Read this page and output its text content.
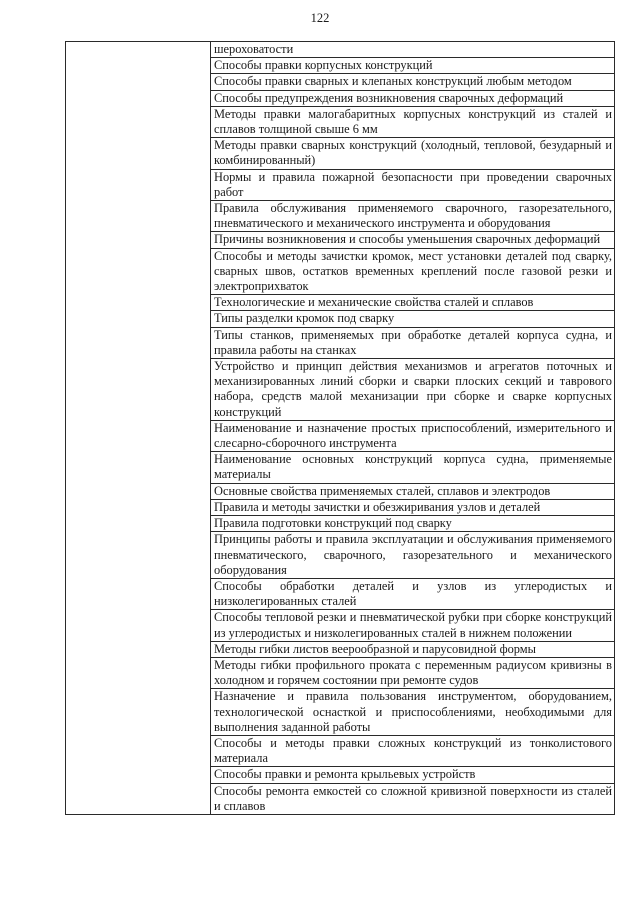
122
	шероховатости
Способы правки корпусных конструкций
Способы правки сварных и клепаных конструкций любым методом
Способы предупреждения возникновения сварочных деформаций
Методы правки малогабаритных корпусных конструкций из сталей и сплавов толщиной свыше 6 мм
Методы правки сварных конструкций (холодный, тепловой, безударный и комбинированный)
Нормы и правила пожарной безопасности при проведении сварочных работ
Правила обслуживания применяемого сварочного, газорезательного, пневматического и механического инструмента и оборудования
Причины возникновения и способы уменьшения сварочных деформаций
Способы и методы зачистки кромок, мест установки деталей под сварку, сварных швов, остатков временных креплений после газовой резки и электроприхваток
Технологические и механические свойства сталей и сплавов
Типы разделки кромок под сварку
Типы станков, применяемых при обработке деталей корпуса судна, и правила работы на станках
Устройство и принцип действия механизмов и агрегатов поточных и механизированных линий сборки и сварки плоских секций и таврового набора, средств малой механизации при сборке и сварке корпусных конструкций
Наименование и назначение простых приспособлений, измерительного и слесарно-сборочного инструмента
Наименование основных конструкций корпуса судна, применяемые материалы
Основные свойства применяемых сталей, сплавов и электродов
Правила и методы зачистки и обезжиривания узлов и деталей
Правила подготовки конструкций под сварку
Принципы работы и правила эксплуатации и обслуживания применяемого пневматического, сварочного, газорезательного и механического оборудования
Способы обработки деталей и узлов из углеродистых и низколегированных сталей
Способы тепловой резки и пневматической рубки при сборке конструкций из углеродистых и низколегированных сталей в нижнем положении
Методы гибки листов веерообразной и парусовидной формы
Методы гибки профильного проката с переменным радиусом кривизны в холодном и горячем состоянии при ремонте судов
Назначение и правила пользования инструментом, оборудованием, технологической оснасткой и приспособлениями, необходимыми для выполнения заданной работы
Способы и методы правки сложных конструкций из тонколистового материала
Способы правки и ремонта крыльевых устройств
Способы ремонта емкостей со сложной кривизной поверхности из сталей и сплавов
